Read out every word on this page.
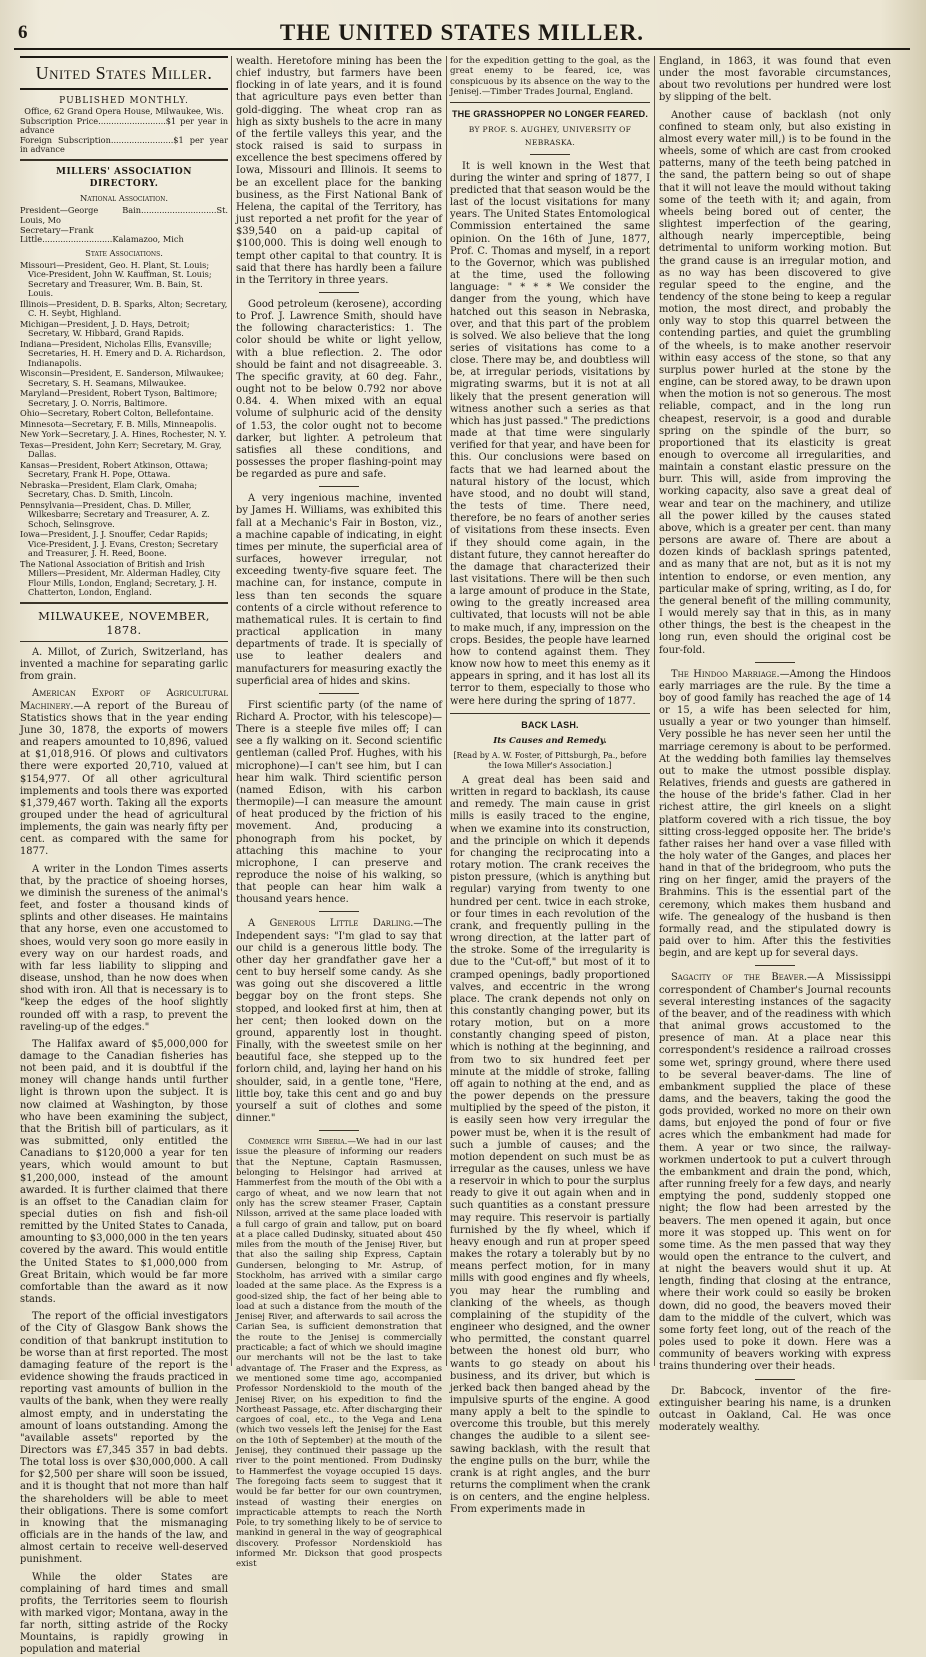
6	THE UNITED STATES MILLER.
United States Miller.
PUBLISHED MONTHLY.
Office, 62 Grand Opera House, Milwaukee, Wis.
Subscription Price..........................$1 per year in advance
Foreign Subscription........................$1 per year in advance
MILLERS' ASSOCIATION DIRECTORY.
National Association.
President—George Bain.............................St. Louis, Mo
Secretary—Frank Little...........................Kalamazoo, Mich
State Associations.
Missouri—President, Geo. H. Plant, St. Louis; Vice-President, John W. Kauffman, St. Louis; Secretary and Treasurer, Wm. B. Bain, St. Louis.
Illinois—President, D. B. Sparks, Alton; Secretary, C. H. Seybt, Highland.
Michigan—President, J. D. Hays, Detroit; Secretary, W. Hibbard, Grand Rapids.
Indiana—President, Nicholas Ellis, Evansville; Secretaries, H. H. Emery and D. A. Richardson, Indianapolis.
Wisconsin—President, E. Sanderson, Milwaukee; Secretary, S. H. Seamans, Milwaukee.
Maryland—President, Robert Tyson, Baltimore; Secretary, J. O. Norris, Baltimore.
Ohio—Secretary, Robert Colton, Bellefontaine.
Minnesota—Secretary, F. B. Mills, Minneapolis.
New York—Secretary, J. A. Hines, Rochester, N. Y.
Texas—President, John Kerr; Secretary, M. Gray, Dallas.
Kansas—President, Robert Atkinson, Ottawa; Secretary, Frank H. Pope, Ottawa.
Nebraska—President, Elam Clark, Omaha; Secretary, Chas. D. Smith, Lincoln.
Pennsylvania—President, Chas. D. Miller, Wilkesbarre; Secretary and Treasurer, A. Z. Schoch, Selinsgrove.
Iowa—President, J. J. Snouffer, Cedar Rapids; Vice-President, J. J. Evans, Creston; Secretary and Treasurer, J. H. Reed, Boone.
The National Association of British and Irish Millers—President, Mr. Alderman Hadley, City Flour Mills, London, England; Secretary, J. H. Chatterton, London, England.
MILWAUKEE, NOVEMBER, 1878.

A. Millot, of Zurich, Switzerland, has invented a machine for separating garlic from grain.

American Export of Agricultural Machinery.—A report of the Bureau of Statistics shows that in the year ending June 30, 1878, the exports of mowers and reapers amounted to 10,896, valued at $1,018,916. Of plows and cultivators there were exported 20,710, valued at $154,977. Of all other agricultural implements and tools there was exported $1,379,467 worth. Taking all the exports grouped under the head of agricultural implements, the gain was nearly fifty per cent. as compared with the same for 1877.

A writer in the London Times asserts that, by the practice of shoeing horses, we diminish the sureness of the animal's feet, and foster a thousand kinds of splints and other diseases. He maintains that any horse, even one accustomed to shoes, would very soon go more easily in every way on our hardest roads, and with far less liability to slipping and disease, unshod, than he now does when shod with iron. All that is necessary is to "keep the edges of the hoof slightly rounded off with a rasp, to prevent the raveling-up of the edges."

The Halifax award of $5,000,000 for damage to the Canadian fisheries has not been paid, and it is doubtful if the money will change hands until further light is thrown upon the subject. It is now claimed at Washington, by those who have been examining the subject, that the British bill of particulars, as it was submitted, only entitled the Canadians to $120,000 a year for ten years, which would amount to but $1,200,000, instead of the amount awarded. It is further claimed that there is an offset to the Canadian claim for special duties on fish and fish-oil remitted by the United States to Canada, amounting to $3,000,000 in the ten years covered by the award. This would entitle the United States to $1,000,000 from Great Britain, which would be far more comfortable than the award as it now stands.

The report of the official investigators of the City of Glasgow Bank shows the condition of that bankrupt institution to be worse than at first reported. The most damaging feature of the report is the evidence showing the frauds practiced in reporting vast amounts of bullion in the vaults of the bank, when they were really almost empty, and in understating the amount of loans outstanding. Among the "available assets" reported by the Directors was £7,345 357 in bad debts. The total loss is over $30,000,000. A call for $2,500 per share will soon be issued, and it is thought that not more than half the shareholders will be able to meet their obligations. There is some comfort in knowing that the mismanaging officials are in the hands of the law, and almost certain to receive well-deserved punishment.

While the older States are complaining of hard times and small profits, the Territories seem to flourish with marked vigor; Montana, away in the far north, sitting astride of the Rocky Mountains, is rapidly growing in population and material

wealth. Heretofore mining has been the chief industry, but farmers have been flocking in of late years, and it is found that agriculture pays even better than gold-digging. The wheat crop ran as high as sixty bushels to the acre in many of the fertile valleys this year, and the stock raised is said to surpass in excellence the best specimens offered by Iowa, Missouri and Illinois. It seems to be an excellent place for the banking business, as the First National Bank of Helena, the capital of the Territory, has just reported a net profit for the year of $39,540 on a paid-up capital of $100,000. This is doing well enough to tempt other capital to that country. It is said that there has hardly been a failure in the Territory in three years.

Good petroleum (kerosene), according to Prof. J. Lawrence Smith, should have the following characteristics: 1. The color should be white or light yellow, with a blue reflection. 2. The odor should be faint and not disagreeable. 3. The specific gravity, at 60 deg. Fahr., ought not to be below 0.792 nor above 0.84. 4. When mixed with an equal volume of sulphuric acid of the density of 1.53, the color ought not to become darker, but lighter. A petroleum that satisfies all these conditions, and possesses the proper flashing-point may be regarded as pure and safe.

A very ingenious machine, invented by James H. Williams, was exhibited this fall at a Mechanic's Fair in Boston, viz., a machine capable of indicating, in eight times per minute, the superficial area of surfaces, however irregular, not exceeding twenty-five square feet. The machine can, for instance, compute in less than ten seconds the square contents of a circle without reference to mathematical rules. It is certain to find practical application in many departments of trade. It is specially of use to leather dealers and manufacturers for measuring exactly the superficial area of hides and skins.

First scientific party (of the name of Richard A. Proctor, with his telescope)—There is a steeple five miles off; I can see a fly walking on it. Second scientific gentleman (called Prof. Hughes, with his microphone)—I can't see him, but I can hear him walk. Third scientific person (named Edison, with his carbon thermopile)—I can measure the amount of heat produced by the friction of his movement. And, producing a phonograph from his pocket, by attaching this machine to your microphone, I can preserve and reproduce the noise of his walking, so that people can hear him walk a thousand years hence.

A Generous Little Darling.—The Independent says: "I'm glad to say that our child is a generous little body. The other day her grandfather gave her a cent to buy herself some candy. As she was going out she discovered a little beggar boy on the front steps. She stopped, and looked first at him, then at her cent; then looked down on the ground, apparently lost in thought. Finally, with the sweetest smile on her beautiful face, she stepped up to the forlorn child, and, laying her hand on his shoulder, said, in a gentle tone, "Here, little boy, take this cent and go and buy yourself a suit of clothes and some dinner."

Commerce with Siberia.—We had in our last issue the pleasure of informing our readers that the Neptune, Captain Rasmussen, belonging to Helsingor had arrived at Hammerfest from the mouth of the Obi with a cargo of wheat, and we now learn that not only has the screw steamer Fraser, Captain Nilsson, arrived at the same place loaded with a full cargo of grain and tallow, put on board at a place called Dudinsky, situated about 450 miles from the mouth of the Jenisej River, but that also the sailing ship Express, Captain Gundersen, belonging to Mr. Astrup, of Stockholm, has arrived with a similar cargo loaded at the same place. As the Express is a good-sized ship, the fact of her being able to load at such a distance from the mouth of the Jenisej River, and afterwards to sail across the Carian Sea, is sufficient demonstration that the route to the Jenisej is commercially practicable; a fact of which we should imagine our merchants will not be the last to take advantage of. The Fraser and the Express, as we mentioned some time ago, accompanied Professor Nordenskiold to the mouth of the Jenisej River, on his expedition to find the Northeast Passage, etc. After discharging their cargoes of coal, etc., to the Vega and Lena (which two vessels left the Jenisej for the East on the 10th of September) at the mouth of the Jenisej, they continued their passage up the river to the point mentioned. From Dudinsky to Hammerfest the voyage occupied 15 days. The foregoing facts seem to suggest that it would be far better for our own countrymen, instead of wasting their energies on impracticable attempts to reach the North Pole, to try something likely to be of service to mankind in general in the way of geographical discovery. Professor Nordenskiold has informed Mr. Dickson that good prospects exist

for the expedition getting to the goal, as the great enemy to be feared, ice, was conspicuous by its absence on the way to the Jenisej.—Timber Trades Journal, England.

THE GRASSHOPPER NO LONGER FEARED.
BY PROF. S. AUGHEY, UNIVERSITY OF NEBRASKA.

It is well known in the West that during the winter and spring of 1877, I predicted that that season would be the last of the locust visitations for many years. The United States Entomological Commission entertained the same opinion. On the 16th of June, 1877, Prof. C. Thomas and myself, in a report to the Governor, which was published at the time, used the following language: " * * * We consider the danger from the young, which have hatched out this season in Nebraska, over, and that this part of the problem is solved. We also believe that the long series of visitations has come to a close. There may be, and doubtless will be, at irregular periods, visitations by migrating swarms, but it is not at all likely that the present generation will witness another such a series as that which has just passed." The predictions made at that time were singularly verified for that year, and have been for this. Our conclusions were based on facts that we had learned about the natural history of the locust, which have stood, and no doubt will stand, the tests of time. There need, therefore, be no fears of another series of visitations from these insects. Even if they should come again, in the distant future, they cannot hereafter do the damage that characterized their last visitations. There will be then such a large amount of produce in the State, owing to the greatly increased area cultivated, that locusts will not be able to make much, if any, impression on the crops. Besides, the people have learned how to contend against them. They know now how to meet this enemy as it appears in spring, and it has lost all its terror to them, especially to those who were here during the spring of 1877.

BACK LASH.
Its Causes and Remedy.
[Read by A. W. Foster, of Pittsburgh, Pa., before the Iowa Miller's Association.]

A great deal has been said and written in regard to backlash, its cause and remedy. The main cause in grist mills is easily traced to the engine, when we examine into its construction, and the principle on which it depends for changing the reciprocating into a rotary motion. The crank receives the piston pressure, (which is anything but regular) varying from twenty to one hundred per cent. twice in each stroke, or four times in each revolution of the crank, and frequently pulling in the wrong direction, at the latter part of the stroke. Some of the irregularity is due to the "Cut-off," but most of it to cramped openings, badly proportioned valves, and eccentric in the wrong place. The crank depends not only on this constantly changing power, but its rotary motion, but on a more constantly changing speed of piston, which is nothing at the beginning, and from two to six hundred feet per minute at the middle of stroke, falling off again to nothing at the end, and as the power depends on the pressure multiplied by the speed of the piston, it is easily seen how very irregular the power must be, when it is the result of such a jumble of causes; and the motion dependent on such must be as irregular as the causes, unless we have a reservoir in which to pour the surplus ready to give it out again when and in such quantities as a constant pressure may require. This reservoir is partially furnished by the fly wheel, which if heavy enough and run at proper speed makes the rotary a tolerably but by no means perfect motion, for in many mills with good engines and fly wheels, you may hear the rumbling and clanking of the wheels, as though complaining of the stupidity of the engineer who designed, and the owner who permitted, the constant quarrel between the honest old burr, who wants to go steady on about his business, and its driver, but which is jerked back then banged ahead by the impulsive spurts of the engine. A good many apply a belt to the spindle to overcome this trouble, but this merely changes the audible to a silent see-sawing backlash, with the result that the engine pulls on the burr, while the crank is at right angles, and the burr returns the compliment when the crank is on centers, and the engine helpless. From experiments made in

England, in 1863, it was found that even under the most favorable circumstances, about two revolutions per hundred were lost by slipping of the belt.

Another cause of backlash (not only confined to steam only, but also existing in almost every water mill,) is to be found in the wheels, some of which are cast from crooked patterns, many of the teeth being patched in the sand, the pattern being so out of shape that it will not leave the mould without taking some of the teeth with it; and again, from wheels being bored out of center, the slightest imperfection of the gearing, although nearly imperceptible, being detrimental to uniform working motion. But the grand cause is an irregular motion, and as no way has been discovered to give regular speed to the engine, and the tendency of the stone being to keep a regular motion, the most direct, and probably the only way to stop this quarrel between the contending parties, and quiet the grumbling of the wheels, is to make another reservoir within easy access of the stone, so that any surplus power hurled at the stone by the engine, can be stored away, to be drawn upon when the motion is not so generous. The most reliable, compact, and in the long run cheapest, reservoir, is a good and durable spring on the spindle of the burr, so proportioned that its elasticity is great enough to overcome all irregularities, and maintain a constant elastic pressure on the burr. This will, aside from improving the working capacity, also save a great deal of wear and tear on the machinery, and utilize all the power killed by the causes stated above, which is a greater per cent. than many persons are aware of. There are about a dozen kinds of backlash springs patented, and as many that are not, but as it is not my intention to endorse, or even mention, any particular make of spring, writing, as I do, for the general benefit of the milling community, I would merely say that in this, as in many other things, the best is the cheapest in the long run, even should the original cost be four-fold.

The Hindoo Marriage.—Among the Hindoos early marriages are the rule. By the time a boy of good family has reached the age of 14 or 15, a wife has been selected for him, usually a year or two younger than himself. Very possible he has never seen her until the marriage ceremony is about to be performed. At the wedding both families lay themselves out to make the utmost possible display. Relatives, friends and guests are gathered in the house of the bride's father. Clad in her richest attire, the girl kneels on a slight platform covered with a rich tissue, the boy sitting cross-legged opposite her. The bride's father raises her hand over a vase filled with the holy water of the Ganges, and places her hand in that of the bridegroom, who puts the ring on her finger, amid the prayers of the Brahmins. This is the essential part of the ceremony, which makes them husband and wife. The genealogy of the husband is then formally read, and the stipulated dowry is paid over to him. After this the festivities begin, and are kept up for several days.

Sagacity of the Beaver.—A Mississippi correspondent of Chamber's Journal recounts several interesting instances of the sagacity of the beaver, and of the readiness with which that animal grows accustomed to the presence of man. At a place near this correspondent's residence a railroad crosses some wet, springy ground, where there used to be several beaver-dams. The line of embankment supplied the place of these dams, and the beavers, taking the good the gods provided, worked no more on their own dams, but enjoyed the pond of four or five acres which the embankment had made for them. A year or two since, the railway-workmen undertook to put a culvert through the embankment and drain the pond, which, after running freely for a few days, and nearly emptying the pond, suddenly stopped one night; the flow had been arrested by the beavers. The men opened it again, but once more it was stopped up. This went on for some time. As the men passed that way they would open the entrance to the culvert, and at night the beavers would shut it up. At length, finding that closing at the entrance, where their work could so easily be broken down, did no good, the beavers moved their dam to the middle of the culvert, which was some forty feet long, out of the reach of the poles used to poke it down. Here was a community of beavers working with express trains thundering over their heads.

Dr. Babcock, inventor of the fire-extinguisher bearing his name, is a drunken outcast in Oakland, Cal. He was once moderately wealthy.
